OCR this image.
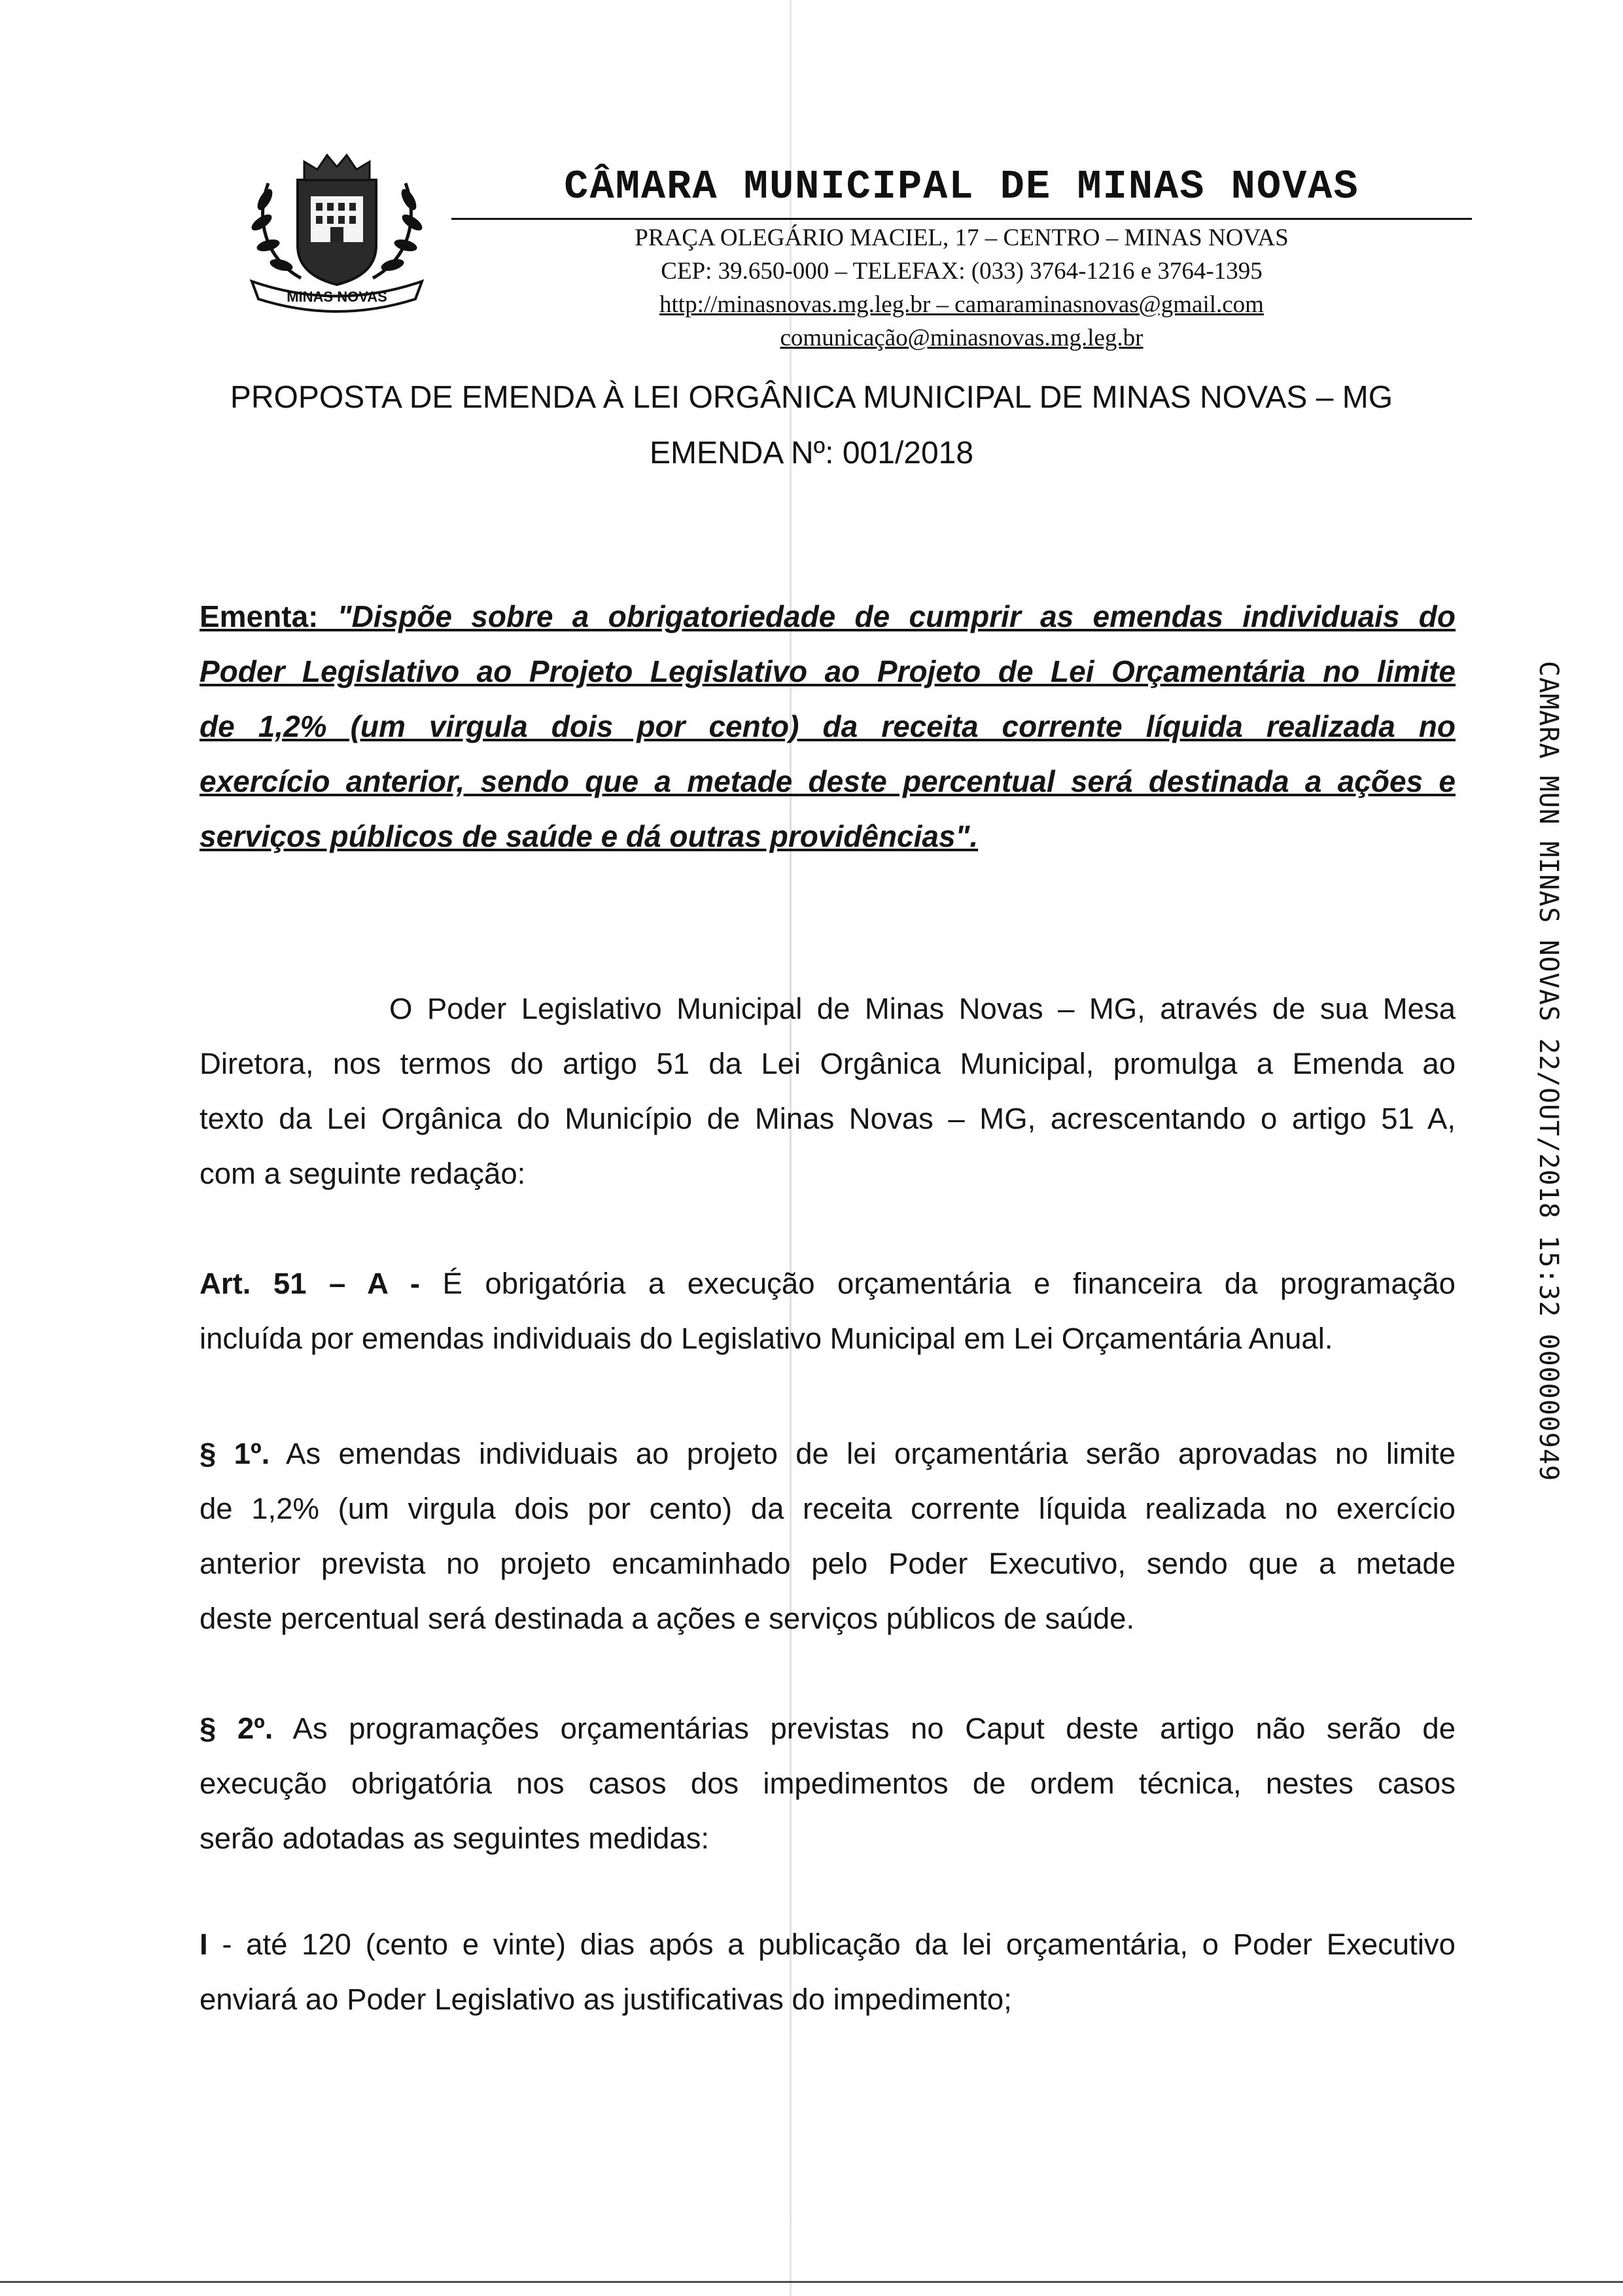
MINAS NOVAS
CÂMARA MUNICIPAL DE MINAS NOVAS
PRAÇA OLEGÁRIO MACIEL, 17 – CENTRO – MINAS NOVAS
CEP: 39.650-000 – TELEFAX: (033) 3764-1216 e 3764-1395
http://minasnovas.mg.leg.br – camaraminasnovas@gmail.com
comunicação@minasnovas.mg.leg.br
PROPOSTA DE EMENDA À LEI ORGÂNICA MUNICIPAL DE MINAS NOVAS – MG
EMENDA Nº: 001/2018
Ementa: "Dispõe sobre a obrigatoriedade de cumprir as emendas individuais do
Poder Legislativo ao Projeto Legislativo ao Projeto de Lei Orçamentária no limite
de 1,2% (um virgula dois por cento) da receita corrente líquida realizada no
exercício anterior, sendo que a metade deste percentual será destinada a ações e
serviços públicos de saúde e dá outras providências".
O Poder Legislativo Municipal de Minas Novas – MG, através de sua Mesa
Diretora, nos termos do artigo 51 da Lei Orgânica Municipal, promulga a Emenda ao
texto da Lei Orgânica do Município de Minas Novas – MG, acrescentando o artigo 51 A,
com a seguinte redação:
Art. 51 – A - É obrigatória a execução orçamentária e financeira da programação
incluída por emendas individuais do Legislativo Municipal em Lei Orçamentária Anual.
§ 1º. As emendas individuais ao projeto de lei orçamentária serão aprovadas no limite
de 1,2% (um virgula dois por cento) da receita corrente líquida realizada no exercício
anterior prevista no projeto encaminhado pelo Poder Executivo, sendo que a metade
deste percentual será destinada a ações e serviços públicos de saúde.
§ 2º. As programações orçamentárias previstas no Caput deste artigo não serão de
execução obrigatória nos casos dos impedimentos de ordem técnica, nestes casos
serão adotadas as seguintes medidas:
I - até 120 (cento e vinte) dias após a publicação da lei orçamentária, o Poder Executivo
enviará ao Poder Legislativo as justificativas do impedimento;
CAMARA MUN MINAS NOVAS 22/OUT/2018 15:32 000000949
